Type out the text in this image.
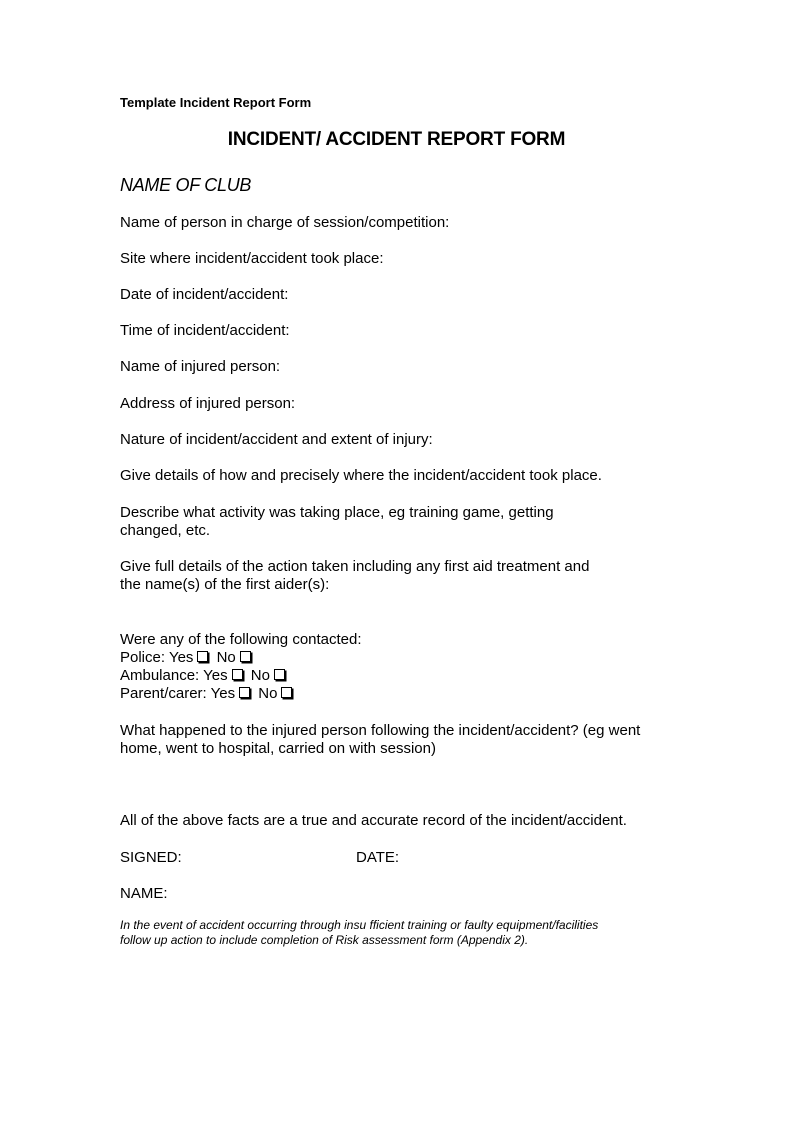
Template Incident Report Form
INCIDENT/ ACCIDENT REPORT FORM
NAME OF CLUB
Name of person in charge of session/competition:
Site where incident/accident took place:
Date of incident/accident:
Time of incident/accident:
Name of injured person:
Address of injured person:
Nature of incident/accident and extent of injury:
Give details of how and precisely where the incident/accident took place.
Describe what activity was taking place, eg training game, getting
changed, etc.
Give full details of the action taken including any first aid treatment and
the name(s) of the first aider(s):
Were any of the following contacted:
Police: Yes No
Ambulance: Yes No
Parent/carer: Yes No
What happened to the injured person following the incident/accident? (eg went
home, went to hospital, carried on with session)
All of the above facts are a true and accurate record of the incident/accident.
SIGNED:	DATE:
NAME:
In the event of accident occurring through insu fficient training or faulty equipment/facilities
follow up action to include completion of Risk assessment form (Appendix 2).
